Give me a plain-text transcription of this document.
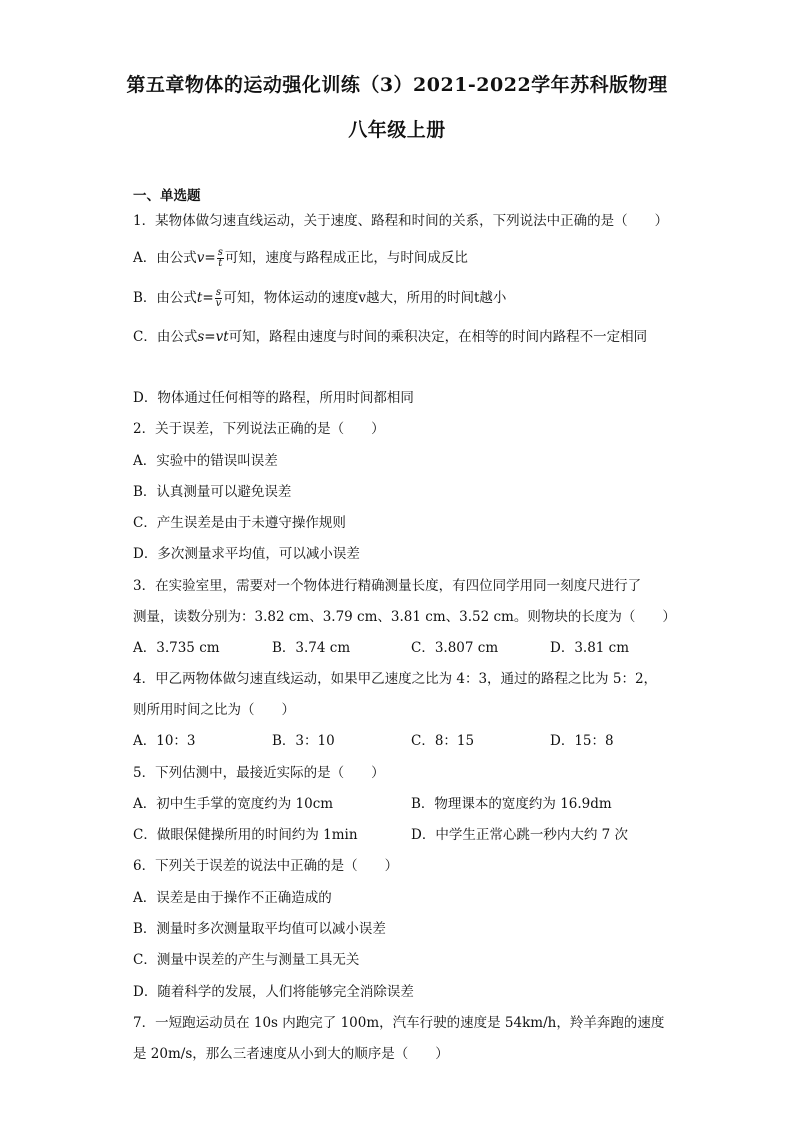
第五章物体的运动强化训练（3）2021-2022学年苏科版物理
八年级上册
一、单选题
1．某物体做匀速直线运动，关于速度、路程和时间的关系，下列说法中正确的是（　　）
A．由公式$v= \frac{s}{t}$ 可知，速度与路程成正比，与时间成反比
B．由公式$t= \frac{s}{v}$ 可知，物体运动的速度v越大，所用的时间t越小
C．由公式s=vt可知，路程由速度与时间的乘积决定，在相等的时间内路程不一定相同
D．物体通过任何相等的路程，所用时间都相同
2．关于误差，下列说法正确的是（　　）
A．实验中的错误叫误差
B．认真测量可以避免误差
C．产生误差是由于未遵守操作规则
D．多次测量求平均值，可以减小误差
3．在实验室里，需要对一个物体进行精确测量长度，有四位同学用同一刻度尺进行了
测量，读数分别为：3.82 cm、3.79 cm、3.81 cm、3.52 cm。则物块的长度为（　　）
A．3.735 cm	B．3.74 cm	C．3.807 cm	D．3.81 cm
4．甲乙两物体做匀速直线运动，如果甲乙速度之比为 4：3，通过的路程之比为 5：2，
则所用时间之比为（　　）
A．10：3	B．3：10	C．8：15	D．15：8
5．下列估测中，最接近实际的是（　　）
A．初中生手掌的宽度约为 10cm	B．物理课本的宽度约为 16.9dm
C．做眼保健操所用的时间约为 1min	D．中学生正常心跳一秒内大约 7 次
6．下列关于误差的说法中正确的是（　　）
A．误差是由于操作不正确造成的
B．测量时多次测量取平均值可以减小误差
C．测量中误差的产生与测量工具无关
D．随着科学的发展，人们将能够完全消除误差
7．一短跑运动员在 10s 内跑完了 100m，汽车行驶的速度是 54km/h，羚羊奔跑的速度
是 20m/s，那么三者速度从小到大的顺序是（　　）
